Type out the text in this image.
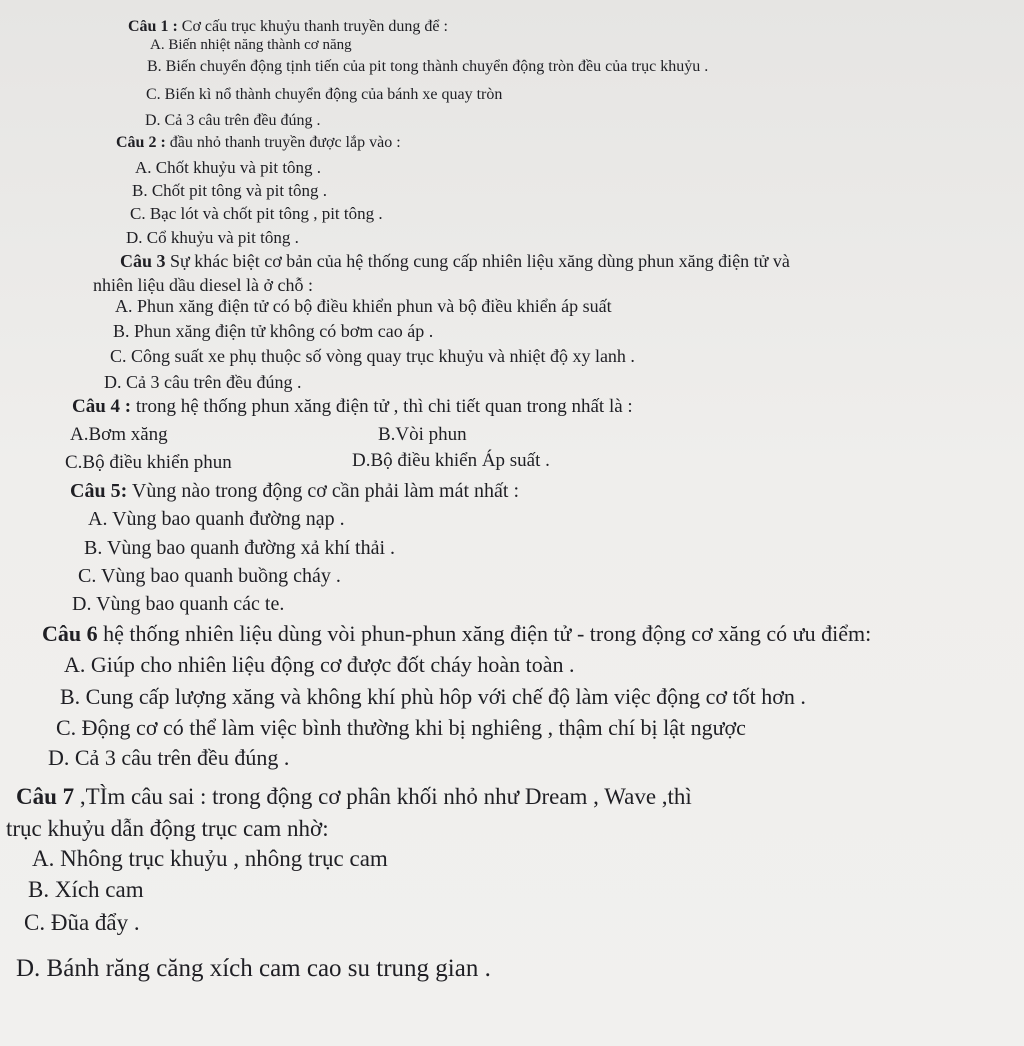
Câu 1 : Cơ cấu trục khuỷu thanh truyền dung để :
A. Biến nhiệt năng thành cơ năng
B. Biến chuyển động tịnh tiến của pit tong thành chuyển động tròn đều của trục khuỷu .
C. Biến kì nổ thành chuyển động của bánh xe quay tròn
D. Cả 3 câu trên đều đúng .
Câu 2 : đầu nhỏ thanh truyền được lắp vào :
A. Chốt khuỷu và pit tông .
B. Chốt pit tông và pit tông .
C. Bạc lót và chốt pit tông , pit tông .
D. Cổ khuỷu và pit tông .
Câu 3 Sự khác biệt cơ bản của hệ thống cung cấp nhiên liệu xăng dùng phun xăng điện tử và
nhiên liệu dầu diesel là ở chỗ :
A. Phun xăng điện tử có bộ điều khiển phun và bộ điều khiển áp suất
B. Phun xăng điện tử không có bơm cao áp .
C. Công suất xe phụ thuộc số vòng quay trục khuỷu và nhiệt độ xy lanh .
D. Cả 3 câu trên đều đúng .
Câu 4 : trong hệ thống phun xăng điện tử , thì chi tiết quan trong nhất là :
A.Bơm xăng	B.Vòi phun
C.Bộ điều khiển phun	D.Bộ điều khiển Áp suất .
Câu 5: Vùng nào trong động cơ cần phải làm mát nhất :
A. Vùng bao quanh đường nạp .
B. Vùng bao quanh đường xả khí thải .
C. Vùng bao quanh buồng cháy .
D. Vùng bao quanh các te.
Câu 6 hệ thống nhiên liệu dùng vòi phun-phun xăng điện tử - trong động cơ xăng có ưu điểm:
A. Giúp cho nhiên liệu động cơ được đốt cháy hoàn toàn .
B. Cung cấp lượng xăng và không khí phù hôp với chế độ làm việc động cơ tốt hơn .
C. Động cơ có thể làm việc bình thường khi bị nghiêng , thậm chí bị lật ngược
D. Cả 3 câu trên đều đúng .
Câu 7 ,TÌm câu sai : trong động cơ phân khối nhỏ như Dream , Wave ,thì
trục khuỷu dẫn động trục cam nhờ:
A. Nhông trục khuỷu , nhông trục cam
B. Xích cam
C. Đũa đẩy .
D. Bánh răng căng xích cam cao su trung gian .
